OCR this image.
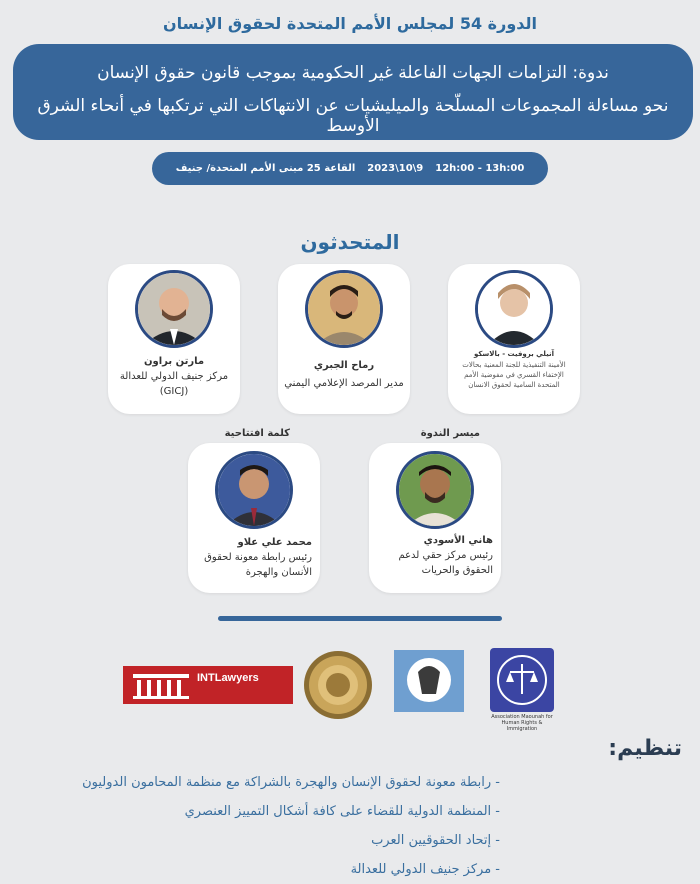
الدورة 54 لمجلس الأمم المتحدة لحقوق الإنسان
ندوة: التزامات الجهات الفاعلة غير الحكومية بموجب قانون حقوق الإنسان
نحو مساءلة المجموعات المسلّحة والميليشيات عن الانتهاكات التي ترتكبها في أنحاء الشرق الأوسط
القاعة 25 مبنى الأمم المتحدة/ جنيف 2023\10\9 12h:00 - 13h:00
المتحدثون
آنيلي بروفيت - بالاسكو
الأمينة التنفيذية للجنة المعنية بحالات الإختفاء القسري في مفوضية الأمم المتحدة السامية لحقوق الانسان
رماح الجبري
مدير المرصد الإعلامي اليمني
مارتن براون
مركز جنيف الدولي للعدالة
(GICJ)
ميسر الندوة
كلمة افتتاحية
هاني الأسودي
رئيس مركز حقي لدعم الحقوق والحريات
محمد علي علاو
رئيس رابطة معونة لحقوق الأنسان والهجرة
INTLawyers
Association Maounah for Human Rights & Immigration
تنظيم:
- رابطة معونة لحقوق الإنسان والهجرة بالشراكة مع منظمة المحامون الدوليون
- المنظمة الدولية للقضاء على كافة أشكال التمييز العنصري
- إتحاد الحقوقيين العرب
- مركز جنيف الدولي للعدالة
